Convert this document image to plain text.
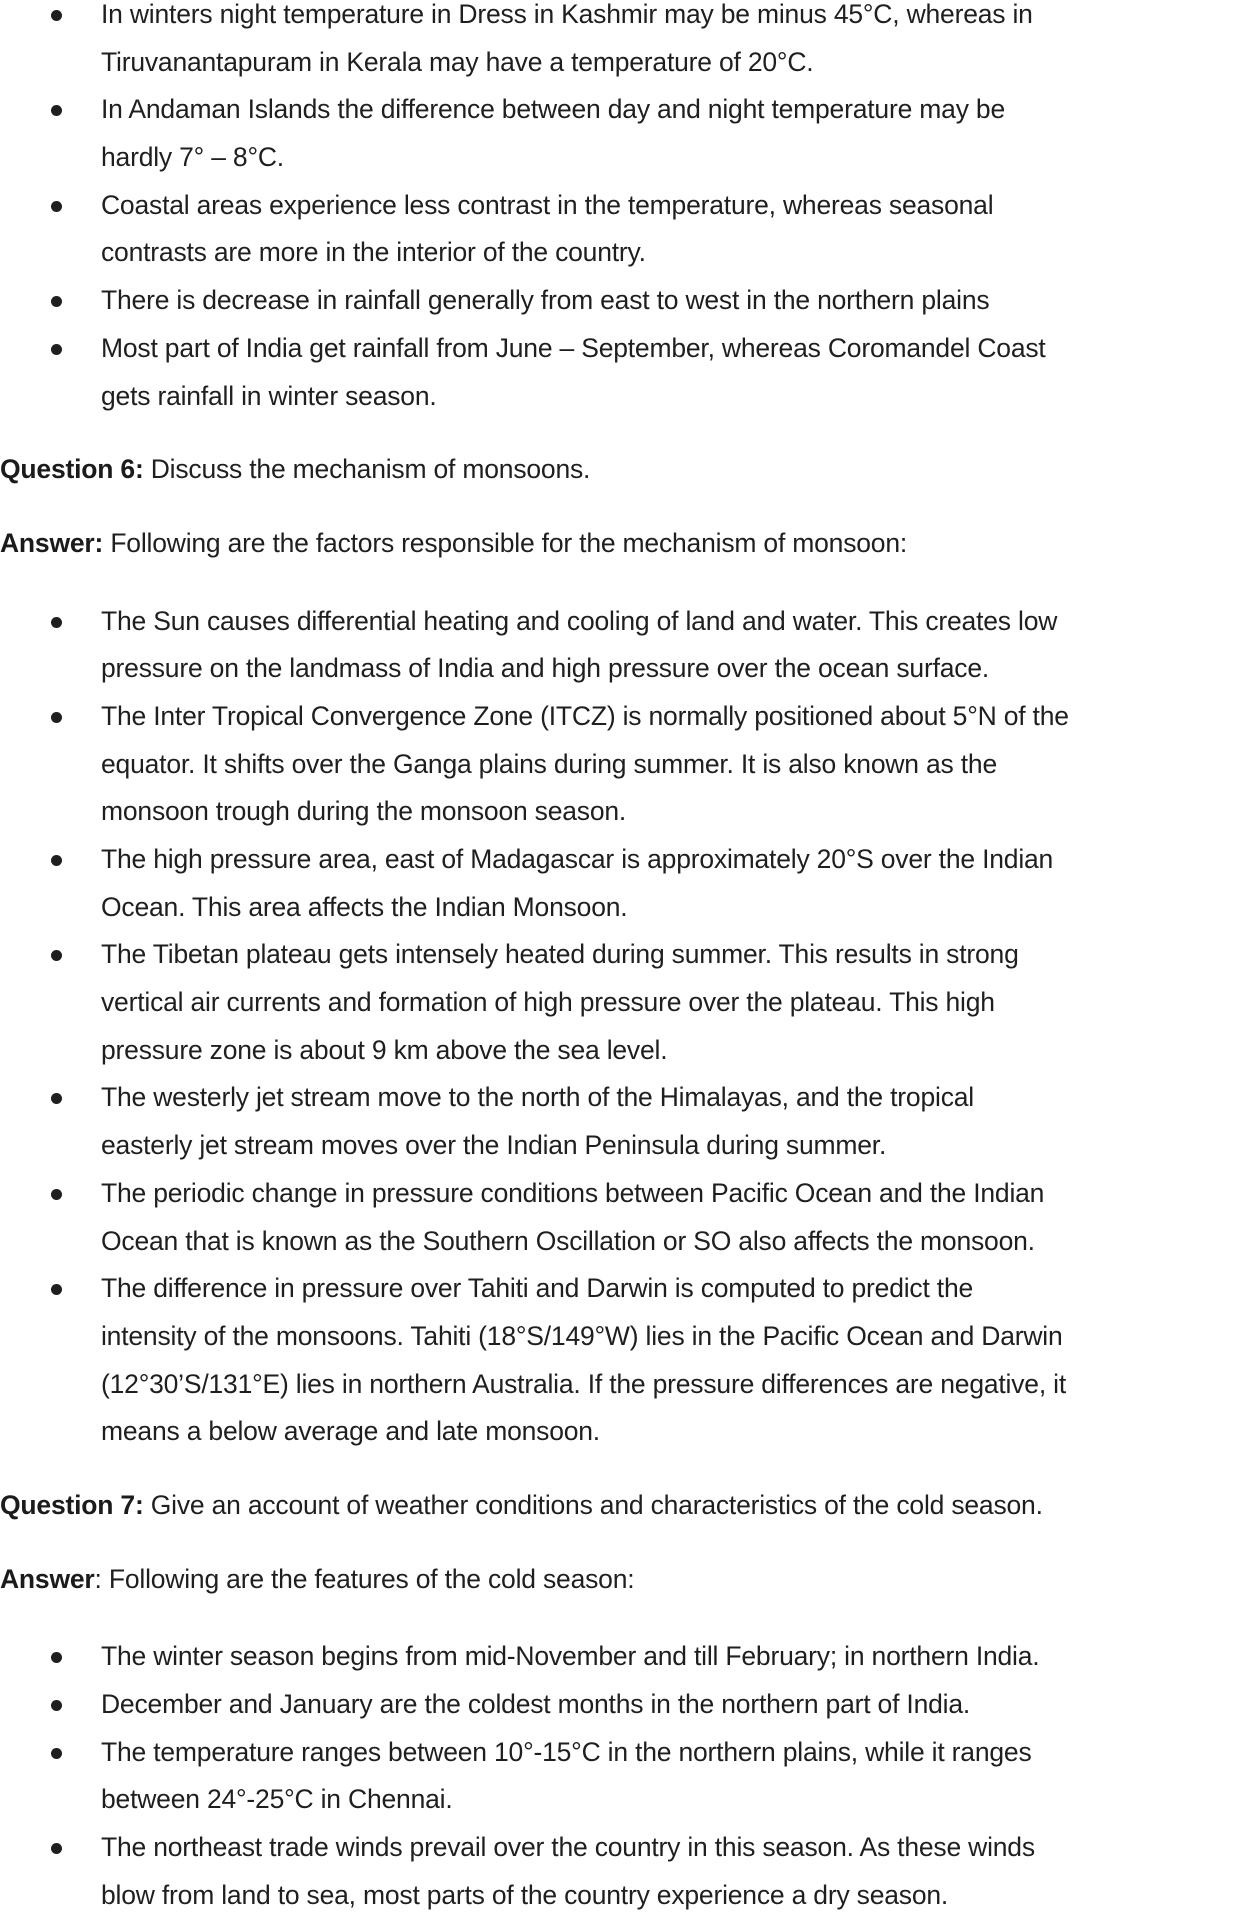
In winters night temperature in Dress in Kashmir may be minus 45°C, whereas in
Tiruvanantapuram in Kerala may have a temperature of 20°C.
In Andaman Islands the difference between day and night temperature may be
hardly 7° – 8°C.
Coastal areas experience less contrast in the temperature, whereas seasonal
contrasts are more in the interior of the country.
There is decrease in rainfall generally from east to west in the northern plains
Most part of India get rainfall from June – September, whereas Coromandel Coast
gets rainfall in winter season.
Question 6: Discuss the mechanism of monsoons.
Answer: Following are the factors responsible for the mechanism of monsoon:
The Sun causes differential heating and cooling of land and water. This creates low
pressure on the landmass of India and high pressure over the ocean surface.
The Inter Tropical Convergence Zone (ITCZ) is normally positioned about 5°N of the
equator. It shifts over the Ganga plains during summer. It is also known as the
monsoon trough during the monsoon season.
The high pressure area, east of Madagascar is approximately 20°S over the Indian
Ocean. This area affects the Indian Monsoon.
The Tibetan plateau gets intensely heated during summer. This results in strong
vertical air currents and formation of high pressure over the plateau. This high
pressure zone is about 9 km above the sea level.
The westerly jet stream move to the north of the Himalayas, and the tropical
easterly jet stream moves over the Indian Peninsula during summer.
The periodic change in pressure conditions between Pacific Ocean and the Indian
Ocean that is known as the Southern Oscillation or SO also affects the monsoon.
The difference in pressure over Tahiti and Darwin is computed to predict the
intensity of the monsoons. Tahiti (18°S/149°W) lies in the Pacific Ocean and Darwin
(12°30’S/131°E) lies in northern Australia. If the pressure differences are negative, it
means a below average and late monsoon.
Question 7: Give an account of weather conditions and characteristics of the cold season.
Answer: Following are the features of the cold season:
The winter season begins from mid-November and till February; in northern India.
December and January are the coldest months in the northern part of India.
The temperature ranges between 10°-15°C in the northern plains, while it ranges
between 24°-25°C in Chennai.
The northeast trade winds prevail over the country in this season. As these winds
blow from land to sea, most parts of the country experience a dry season.
